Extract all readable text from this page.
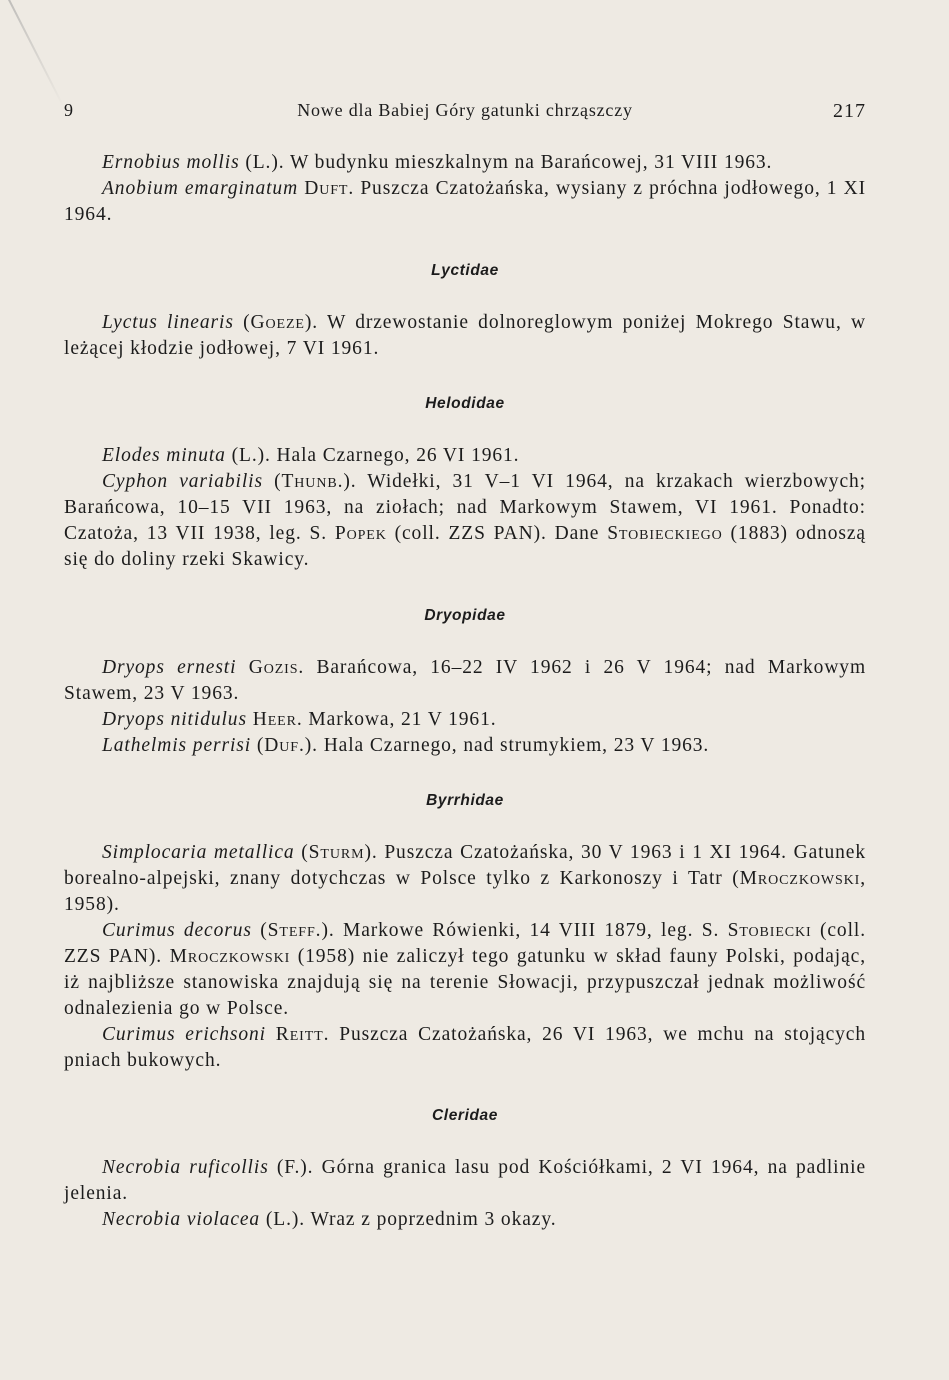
9	Nowe dla Babiej Góry gatunki chrząszczy	217

Ernobius mollis (L.). W budynku mieszkalnym na Barańcowej, 31 VIII 1963.

Anobium emarginatum Duft. Puszcza Czatożańska, wysiany z próchna jodłowego, 1 XI 1964.

Lyctidae

Lyctus linearis (Goeze). W drzewostanie dolnoreglowym poniżej Mokrego Stawu, w leżącej kłodzie jodłowej, 7 VI 1961.

Helodidae

Elodes minuta (L.). Hala Czarnego, 26 VI 1961.

Cyphon variabilis (Thunb.). Widełki, 31 V–1 VI 1964, na krzakach wierzbowych; Barańcowa, 10–15 VII 1963, na ziołach; nad Markowym Stawem, VI 1961. Ponadto: Czatoża, 13 VII 1938, leg. S. Popek (coll. ZZS PAN). Dane Stobieckiego (1883) odnoszą się do doliny rzeki Skawicy.

Dryopidae

Dryops ernesti Gozis. Barańcowa, 16–22 IV 1962 i 26 V 1964; nad Markowym Stawem, 23 V 1963.

Dryops nitidulus Heer. Markowa, 21 V 1961.

Lathelmis perrisi (Duf.). Hala Czarnego, nad strumykiem, 23 V 1963.

Byrrhidae

Simplocaria metallica (Sturm). Puszcza Czatożańska, 30 V 1963 i 1 XI 1964. Gatunek borealno-alpejski, znany dotychczas w Polsce tylko z Karkonoszy i Tatr (Mroczkowski, 1958).

Curimus decorus (Steff.). Markowe Rówienki, 14 VIII 1879, leg. S. Stobiecki (coll. ZZS PAN). Mroczkowski (1958) nie zaliczył tego gatunku w skład fauny Polski, podając, iż najbliższe stanowiska znajdują się na terenie Słowacji, przypuszczał jednak możliwość odnalezienia go w Polsce.

Curimus erichsoni Reitt. Puszcza Czatożańska, 26 VI 1963, we mchu na stojących pniach bukowych.

Cleridae

Necrobia ruficollis (F.). Górna granica lasu pod Kościółkami, 2 VI 1964, na padlinie jelenia.

Necrobia violacea (L.). Wraz z poprzednim 3 okazy.
